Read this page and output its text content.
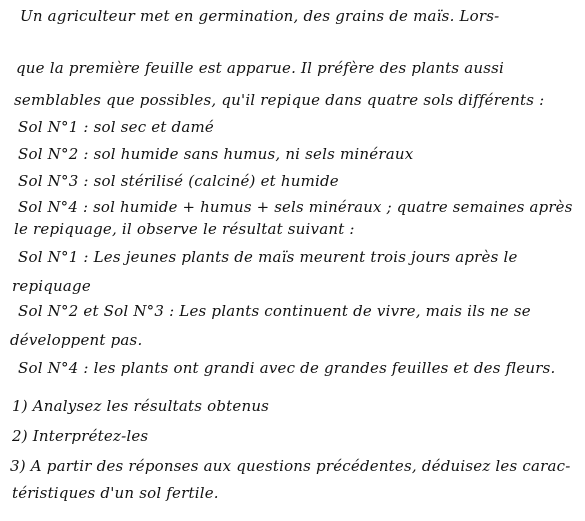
Un agriculteur met en germination, des grains de maïs. Lors-
que la première feuille est apparue. Il préfère des plants aussi
semblables que possibles, qu'il repique dans quatre sols différents :
Sol N°1 : sol sec et damé
Sol N°2 : sol humide sans humus, ni sels minéraux
Sol N°3 : sol stérilisé (calciné) et humide
Sol N°4 : sol humide + humus + sels minéraux ; quatre semaines après
le repiquage, il observe le résultat suivant :
Sol N°1 : Les jeunes plants de maïs meurent trois jours après le
repiquage
Sol N°2 et Sol N°3 : Les plants continuent de vivre, mais ils ne se
développent pas.
Sol N°4 : les plants ont grandi avec de grandes feuilles et des fleurs.
1) Analysez les résultats obtenus
2) Interprétez-les
3) A partir des réponses aux questions précédentes, déduisez les carac-
téristiques d'un sol fertile.
